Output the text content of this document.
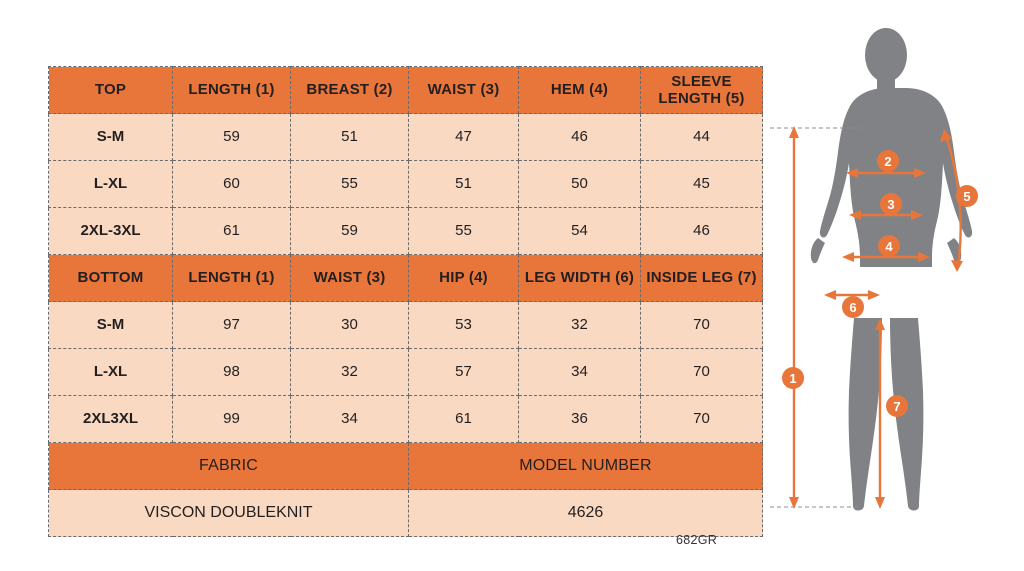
TOP	LENGTH (1)	BREAST (2)	WAIST (3)	HEM (4)	SLEEVE LENGTH (5)
S-M	59	51	47	46	44
L-XL	60	55	51	50	45
2XL-3XL	61	59	55	54	46
BOTTOM	LENGTH (1)	WAIST (3)	HIP (4)	LEG WIDTH (6)	INSIDE LEG (7)
S-M	97	30	53	32	70
L-XL	98	32	57	34	70
2XL3XL	99	34	61	36	70
FABRIC			MODEL NUMBER		
VISCON DOUBLEKNIT			4626		
682GR
1
2
3
4
5
6
7
